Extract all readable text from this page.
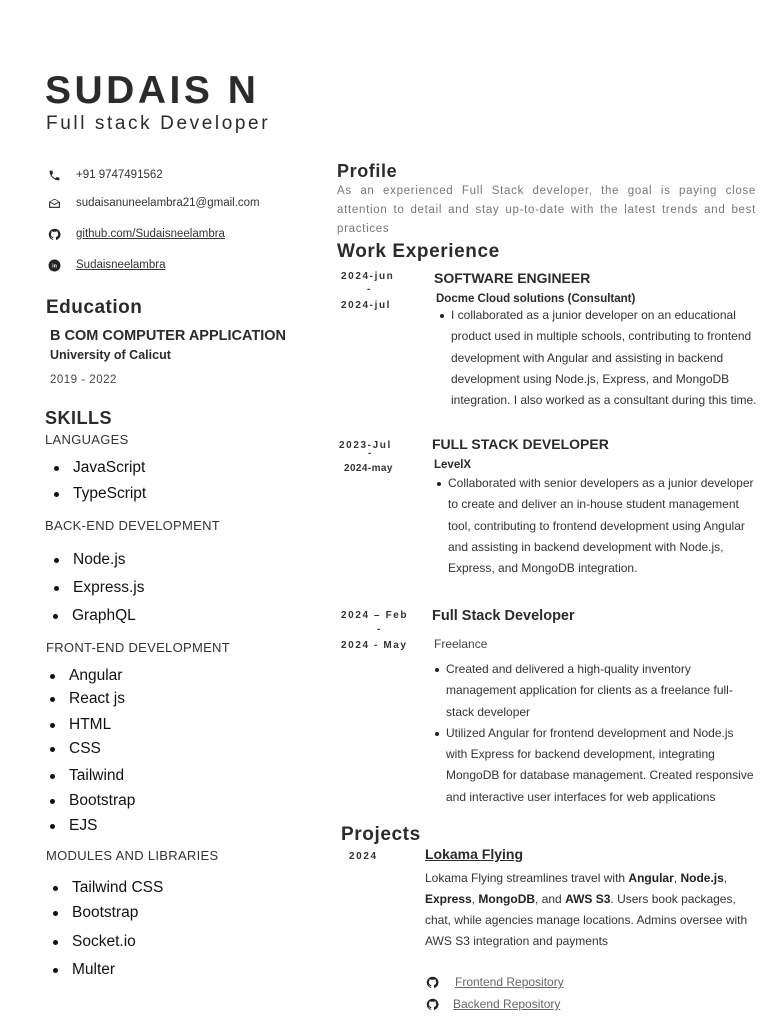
SUDAIS N
Full stack Developer
+91 9747491562
sudaisanuneelambra21@gmail.com
github.com/Sudaisneelambra
in Sudaisneelambra
Education
B COM COMPUTER APPLICATION
University of Calicut
2019 - 2022
SKILLS
LANGUAGES
JavaScript
TypeScript
BACK-END DEVELOPMENT
Node.js
Express.js
GraphQL
FRONT-END DEVELOPMENT
Angular
React js
HTML
CSS
Tailwind
Bootstrap
EJS
MODULES AND LIBRARIES
Tailwind CSS
Bootstrap
Socket.io
Multer
Profile
As an experienced Full Stack developer, the goal is paying close attention to detail and stay up-to-date with the latest trends and best practices
Work Experience
2024-jun
-
2024-jul
SOFTWARE ENGINEER
Docme Cloud solutions (Consultant)
I collaborated as a junior developer on an educational product used in multiple schools, contributing to frontend development with Angular and assisting in backend development using Node.js, Express, and MongoDB integration. I also worked as a consultant during this time.
2023-Jul
-
2024-may
FULL STACK DEVELOPER
LevelX
Collaborated with senior developers as a junior developer to create and deliver an in-house student management tool, contributing to frontend development using Angular and assisting in backend development with Node.js, Express, and MongoDB integration.
2024 – Feb
-
2024 - May
Full Stack Developer
Freelance
Created and delivered a high-quality inventory management application for clients as a freelance full-stack developer
Utilized Angular for frontend development and Node.js with Express for backend development, integrating MongoDB for database management. Created responsive and interactive user interfaces for web applications
Projects
2024	Lokama Flying
Lokama Flying streamlines travel with Angular, Node.js, Express, MongoDB, and AWS S3. Users book packages, chat, while agencies manage locations. Admins oversee with AWS S3 integration and payments
Frontend Repository
Backend Repository
